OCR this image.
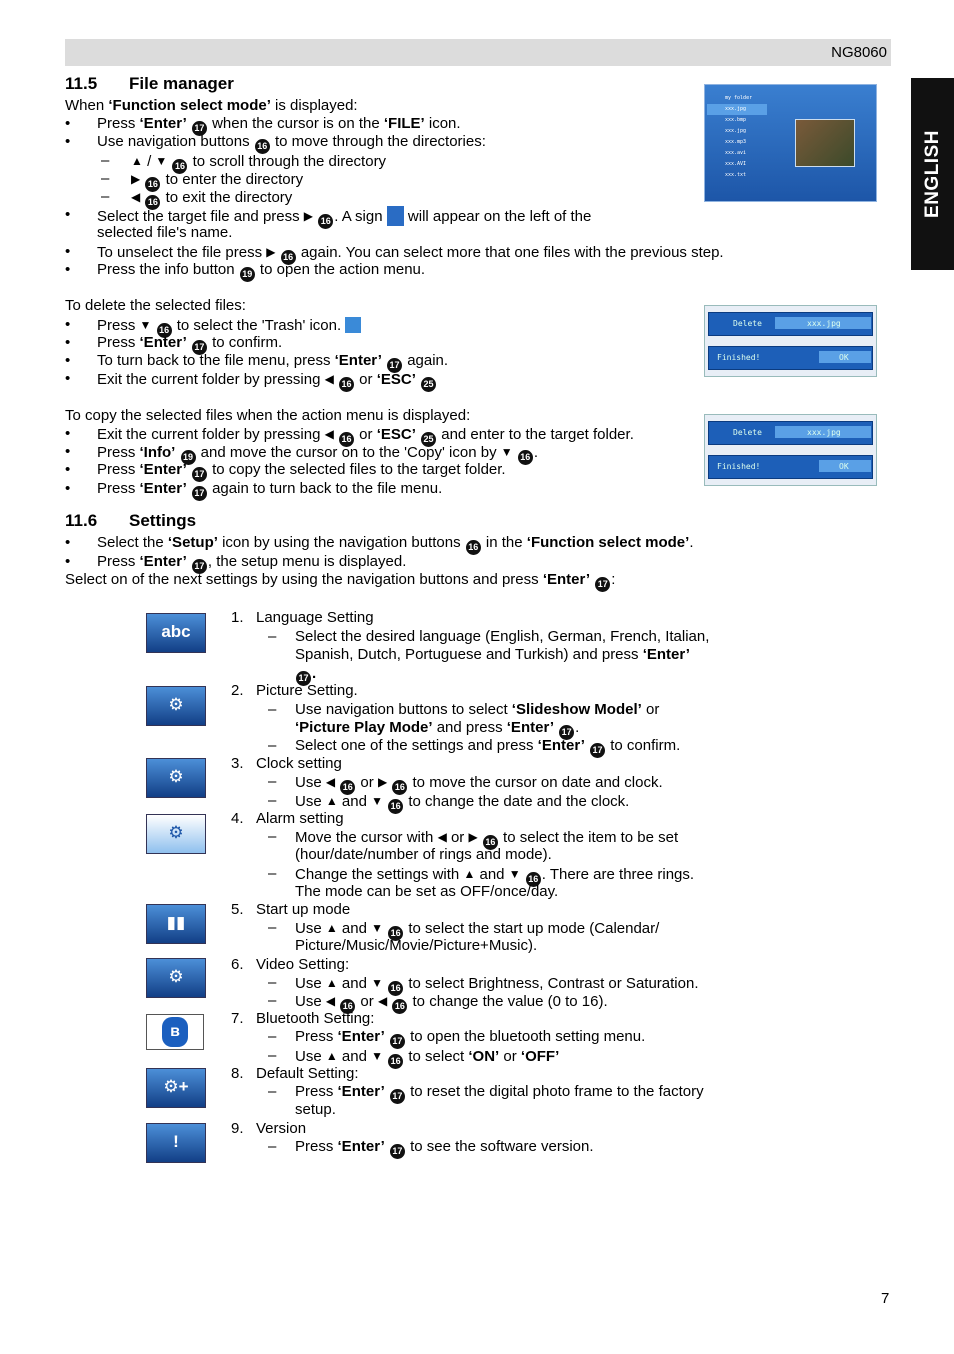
NG8060
ENGLISH
11.5 File manager
When ‘Function select mode’ is displayed:
• Press ‘Enter’ 17 when the cursor is on the ‘FILE’ icon.
• Use navigation buttons 16 to move through the directories:
– ▲ / ▼ 16 to scroll through the directory
– ▶ 16 to enter the directory
– ◀ 16 to exit the directory
• Select the target file and press ▶ 16 . A sign  will appear on the left of the
selected file's name.
• To unselect the file press ▶ 16 again. You can select more that one files with the previous step.
• Press the info button 19 to open the action menu.
my folder
xxx.jpg
xxx.bmp
xxx.jpg
xxx.mp3
xxx.avi
xxx.AVI
xxx.txt
To delete the selected files:
• Press ▼ 16 to select the 'Trash' icon.
• Press ‘Enter’ 17 to confirm.
• To turn back to the file menu, press ‘Enter’ 17 again.
• Exit the current folder by pressing ◀ 16 or ‘ESC’ 25
Delete	xxx.jpg
Finished!	OK
To copy the selected files when the action menu is displayed:
• Exit the current folder by pressing ◀ 16 or ‘ESC’ 25 and enter to the target folder.
• Press ‘Info’ 19 and move the cursor on to the 'Copy' icon by ▼ 16 .
• Press ‘Enter’ 17 to copy the selected files to the target folder.
• Press ‘Enter’ 17 again to turn back to the file menu.
Delete	xxx.jpg
Finished!	OK
11.6 Settings
• Select the ‘Setup’ icon by using the navigation buttons 16 in the ‘Function select mode’.
• Press ‘Enter’ 17 , the setup menu is displayed.
Select on of the next settings by using the navigation buttons and press ‘Enter’ 17 :
abc
⚙
⚙
⚙
▮▮
⚙
ʙ
⚙+
!
1. Language Setting
– Select the desired language (English, German, French, Italian,
Spanish, Dutch, Portuguese and Turkish) and press ‘Enter’
17 .
2. Picture Setting.
– Use navigation buttons to select ‘Slideshow Model’ or
‘Picture Play Mode’ and press ‘Enter’ 17 .
– Select one of the settings and press ‘Enter’ 17 to confirm.
3. Clock setting
– Use ◀ 16 or ▶ 16 to move the cursor on date and clock.
– Use ▲ and ▼ 16 to change the date and the clock.
4. Alarm setting
– Move the cursor with ◀ or ▶ 16 to select the item to be set
(hour/date/number of rings and mode).
– Change the settings with ▲ and ▼ 16 . There are three rings.
The mode can be set as OFF/once/day.
5. Start up mode
– Use ▲ and ▼ 16 to select the start up mode (Calendar/
Picture/Music/Movie/Picture+Music).
6. Video Setting:
– Use ▲ and ▼ 16 to select Brightness, Contrast or Saturation.
– Use ◀ 16 or ◀ 16 to change the value (0 to 16).
7. Bluetooth Setting:
– Press ‘Enter’ 17 to open the bluetooth setting menu.
– Use ▲ and ▼ 16 to select ‘ON’ or ‘OFF’
8. Default Setting:
– Press ‘Enter’ 17 to reset the digital photo frame to the factory
setup.
9. Version
– Press ‘Enter’ 17 to see the software version.
7
